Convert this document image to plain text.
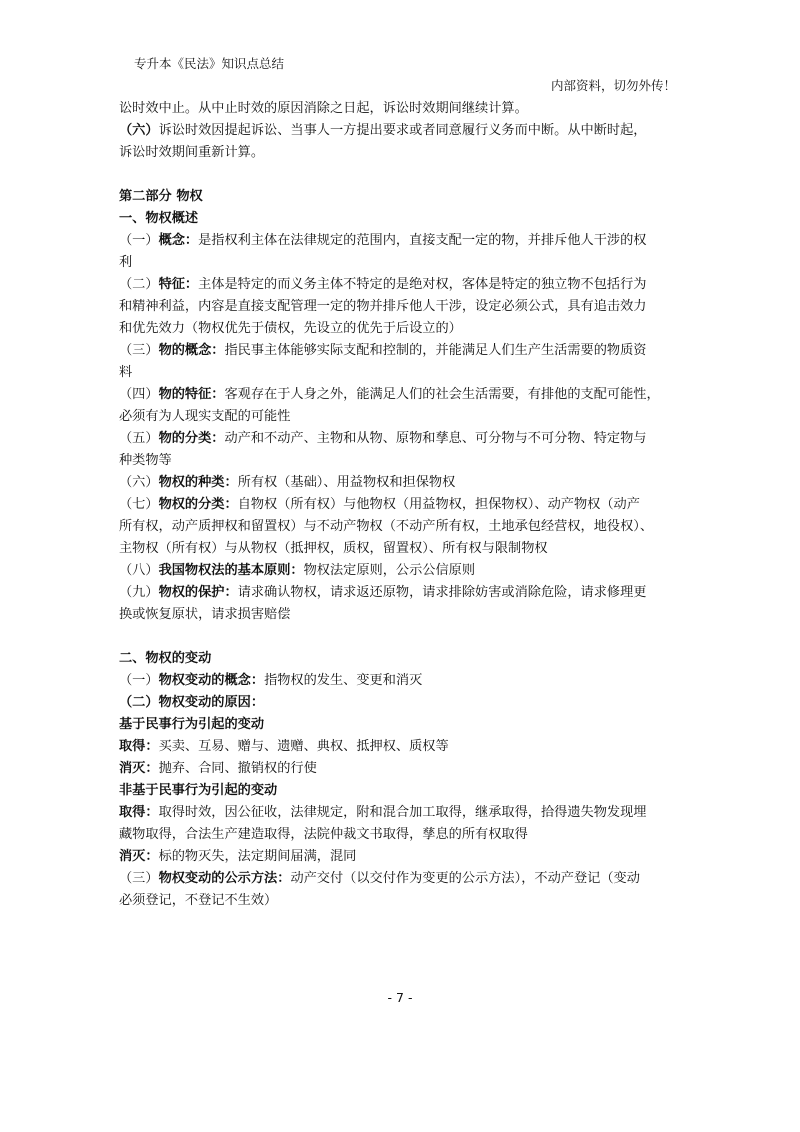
专升本《民法》知识点总结
内部资料，切勿外传！
讼时效中止。从中止时效的原因消除之日起，诉讼时效期间继续计算。
（六）诉讼时效因提起诉讼、当事人一方提出要求或者同意履行义务而中断。从中断时起，
诉讼时效期间重新计算。
第二部分 物权
一、物权概述
（一）概念：是指权利主体在法律规定的范围内，直接支配一定的物，并排斥他人干涉的权
利
（二）特征：主体是特定的而义务主体不特定的是绝对权，客体是特定的独立物不包括行为
和精神利益，内容是直接支配管理一定的物并排斥他人干涉，设定必须公式，具有追击效力
和优先效力（物权优先于债权，先设立的优先于后设立的）
（三）物的概念：指民事主体能够实际支配和控制的，并能满足人们生产生活需要的物质资
料
（四）物的特征：客观存在于人身之外，能满足人们的社会生活需要，有排他的支配可能性，
必须有为人现实支配的可能性
（五）物的分类：动产和不动产、主物和从物、原物和孳息、可分物与不可分物、特定物与
种类物等
（六）物权的种类：所有权（基础）、用益物权和担保物权
（七）物权的分类：自物权（所有权）与他物权（用益物权，担保物权）、动产物权（动产
所有权，动产质押权和留置权）与不动产物权（不动产所有权，土地承包经营权，地役权）、
主物权（所有权）与从物权（抵押权，质权，留置权）、所有权与限制物权
（八）我国物权法的基本原则：物权法定原则，公示公信原则
（九）物权的保护：请求确认物权，请求返还原物，请求排除妨害或消除危险，请求修理更
换或恢复原状，请求损害赔偿
二、物权的变动
（一）物权变动的概念：指物权的发生、变更和消灭
（二）物权变动的原因：
基于民事行为引起的变动
取得：买卖、互易、赠与、遗赠、典权、抵押权、质权等
消灭：抛弃、合同、撤销权的行使
非基于民事行为引起的变动
取得：取得时效，因公征收，法律规定，附和混合加工取得，继承取得，拾得遗失物发现埋
藏物取得，合法生产建造取得，法院仲裁文书取得，孳息的所有权取得
消灭：标的物灭失，法定期间届满，混同
（三）物权变动的公示方法：动产交付（以交付作为变更的公示方法），不动产登记（变动
必须登记，不登记不生效）
- 7 -
